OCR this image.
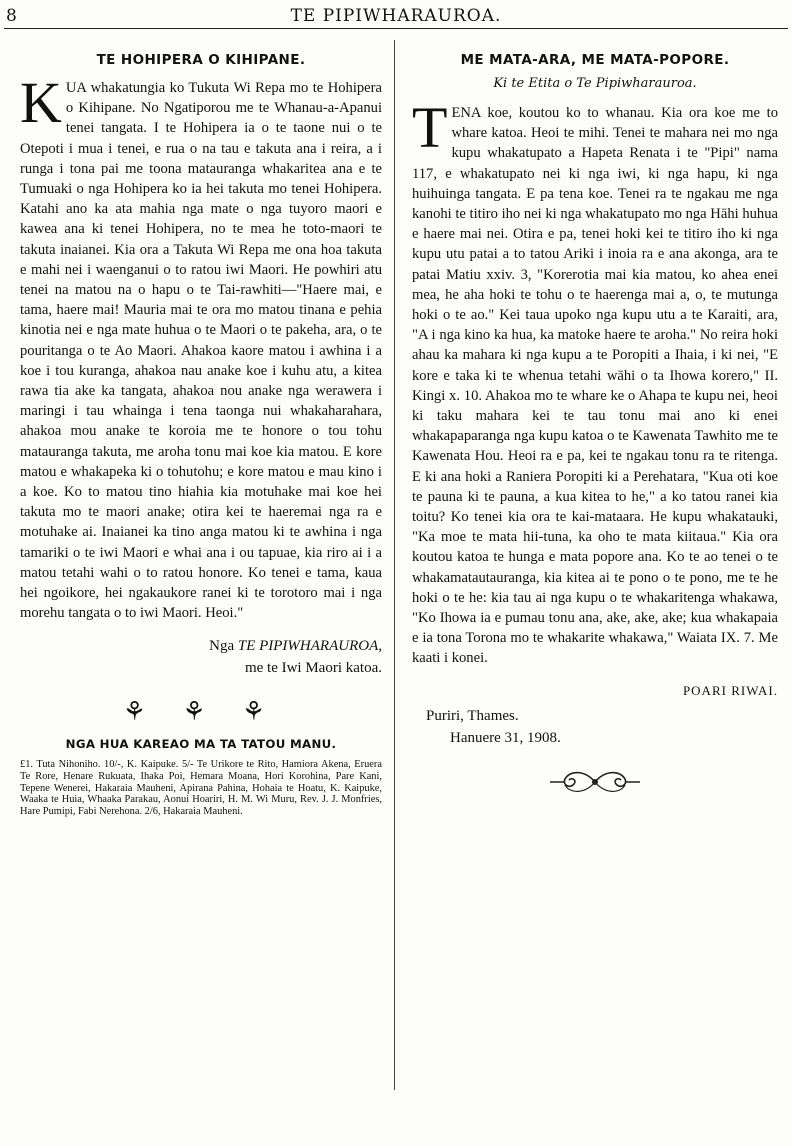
8	TE PIPIWHARAUROA.
TE HOHIPERA O KIHIPANE.

KUA whakatungia ko Tukuta Wi Repa mo te Hohipera o Kihipane. No Ngatiporou me te Whanau-a-Apanui tenei tangata. I te Hohipera ia o te taone nui o te Otepoti i mua i tenei, e rua o na tau e takuta ana i reira, a i runga i tona pai me toona matauranga whakaritea ana e te Tumuaki o nga Hohipera ko ia hei takuta mo tenei Hohipera. Katahi ano ka ata mahia nga mate o nga tuyoro maori e kawea ana ki tenei Hohipera, no te mea he toto-maori te takuta inaianei. Kia ora a Takuta Wi Repa me ona hoa takuta e mahi nei i waenganui o to ratou iwi Maori. He powhiri atu tenei na matou na o hapu o te Tai-rawhiti—"Haere mai, e tama, haere mai! Mauria mai te ora mo matou tinana e pehia kinotia nei e nga mate huhua o te Maori o te pakeha, ara, o te pouritanga o te Ao Maori. Ahakoa kaore matou i awhina i a koe i tou kuranga, ahakoa nau anake koe i kuhu atu, a kitea rawa tia ake ka tangata, ahakoa nou anake nga werawera i maringi i tau whainga i tena taonga nui whakaharahara, ahakoa mou anake te koroia me te honore o tou tohu matauranga takuta, me aroha tonu mai koe kia matou. E kore matou e whakapeka ki o tohutohu; e kore matou e mau kino i a koe. Ko to matou tino hiahia kia motuhake mai koe hei takuta mo te maori anake; otira kei te haeremai nga ra e motuhake ai. Inaianei ka tino anga matou ki te awhina i nga tamariki o te iwi Maori e whai ana i ou tapuae, kia riro ai i a matou tetahi wahi o to ratou honore. Ko tenei e tama, kaua hei ngoikore, hei ngakaukore ranei ki te torotoro mai i nga morehu tangata o to iwi Maori. Heoi."

Nga TE PIPIWHARAUROA,
me te Iwi Maori katoa.
⚘ ⚘ ⚘
NGA HUA KAREAO MA TA TATOU MANU.
£1. Tuta Nihoniho. 10/-, K. Kaipuke. 5/- Te Urikore te Rito, Hamiora Akena, Eruera Te Rore, Henare Rukuata, Ihaka Poi, Hemara Moana, Hori Korohina, Pare Kani, Tepene Wenerei, Hakaraia Mauheni, Apirana Pahina, Hohaia te Hoatu, K. Kaipuke, Waaka te Huia, Whaaka Parakau, Aonui Hoariri, H. M. Wi Muru, Rev. J. J. Monfries, Hare Pumipi, Fabi Nerehona. 2/6, Hakaraia Mauheni.
ME MATA-ARA, ME MATA-POPORE.
Ki te Etita o Te Pipiwharauroa.

TENA koe, koutou ko to whanau. Kia ora koe me to whare katoa. Heoi te mihi. Tenei te mahara nei mo nga kupu whakatupato a Hapeta Renata i te "Pipi" nama 117, e whakatupato nei ki nga iwi, ki nga hapu, ki nga huihuinga tangata. E pa tena koe. Tenei ra te ngakau me nga kanohi te titiro iho nei ki nga whakatupato mo nga Hāhi huhua e haere mai nei. Otira e pa, tenei hoki kei te titiro iho ki nga kupu utu patai a to tatou Ariki i inoia ra e ana akonga, ara te patai Matiu xxiv. 3, "Korerotia mai kia matou, ko ahea enei mea, he aha hoki te tohu o te haerenga mai a, o, te mutunga hoki o te ao." Kei taua upoko nga kupu utu a te Karaiti, ara, "A i nga kino ka hua, ka matoke haere te aroha." No reira hoki ahau ka mahara ki nga kupu a te Poropiti a Ihaia, i ki nei, "E kore e taka ki te whenua tetahi wāhi o ta Ihowa korero," II. Kingi x. 10. Ahakoa mo te whare ke o Ahapa te kupu nei, heoi ki taku mahara kei te tau tonu mai ano ki enei whakapaparanga nga kupu katoa o te Kawenata Tawhito me te Kawenata Hou. Heoi ra e pa, kei te ngakau tonu ra te ritenga. E ki ana hoki a Raniera Poropiti ki a Perehatara, "Kua oti koe te pauna ki te pauna, a kua kitea to he," a ko tatou ranei kia toitu? Ko tenei kia ora te kai-mataara. He kupu whakatauki, "Ka moe te mata hii-tuna, ka oho te mata kiitaua." Kia ora koutou katoa te hunga e mata popore ana. Ko te ao tenei o te whakamatautauranga, kia kitea ai te pono o te pono, me te he hoki o te he: kia tau ai nga kupu o te whakaritenga whakawa, "Ko Ihowa ia e pumau tonu ana, ake, ake, ake; kua whakapaia e ia tona Torona mo te whakarite whakawa," Waiata IX. 7. Me kaati i konei.

POARI RIWAI.
Puriri, Thames.
Hanuere 31, 1908.
